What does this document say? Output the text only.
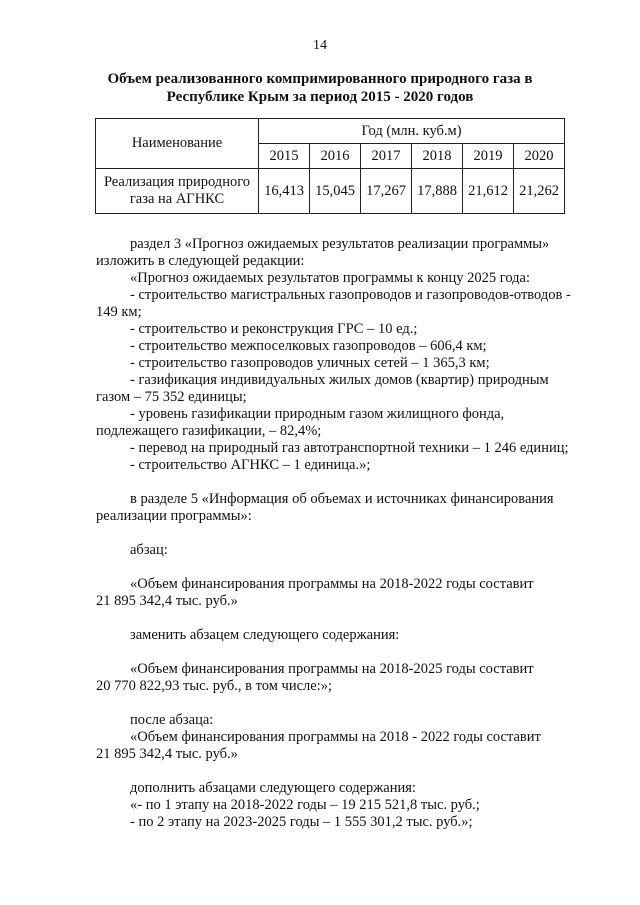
14
Объем реализованного компримированного природного газа в
Республике Крым за период 2015 - 2020 годов
Наименование	Год (млн. куб.м)					
	2015	2016	2017	2018	2019	2020

Реализация природного
газа на АГНКС	16,413	15,045	17,267	17,888	21,612	21,262

раздел 3 «Прогноз ожидаемых результатов реализации программы»

изложить в следующей редакции:

«Прогноз ожидаемых результатов программы к концу 2025 года:

- строительство магистральных газопроводов и газопроводов-отводов -

149 км;

- строительство и реконструкция ГРС – 10 ед.;

- строительство межпоселковых газопроводов – 606,4 км;

- строительство газопроводов уличных сетей – 1 365,3 км;

- газификация индивидуальных жилых домов (квартир) природным

газом – 75 352 единицы;

- уровень газификации природным газом жилищного фонда,

подлежащего газификации, – 82,4%;

- перевод на природный газ автотранспортной техники – 1 246 единиц;

- строительство АГНКС – 1 единица.»;

в разделе 5 «Информация об объемах и источниках финансирования

реализации программы»:

абзац:

«Объем финансирования программы на 2018-2022 годы составит

21 895 342,4 тыс. руб.»

заменить абзацем следующего содержания:

«Объем финансирования программы на 2018-2025 годы составит

20 770 822,93 тыс. руб., в том числе:»;

после абзаца:

«Объем финансирования программы на 2018 - 2022 годы составит

21 895 342,4 тыс. руб.»

дополнить абзацами следующего содержания:

«- по 1 этапу на 2018-2022 годы – 19 215 521,8 тыс. руб.;

- по 2 этапу на 2023-2025 годы – 1 555 301,2 тыс. руб.»;
